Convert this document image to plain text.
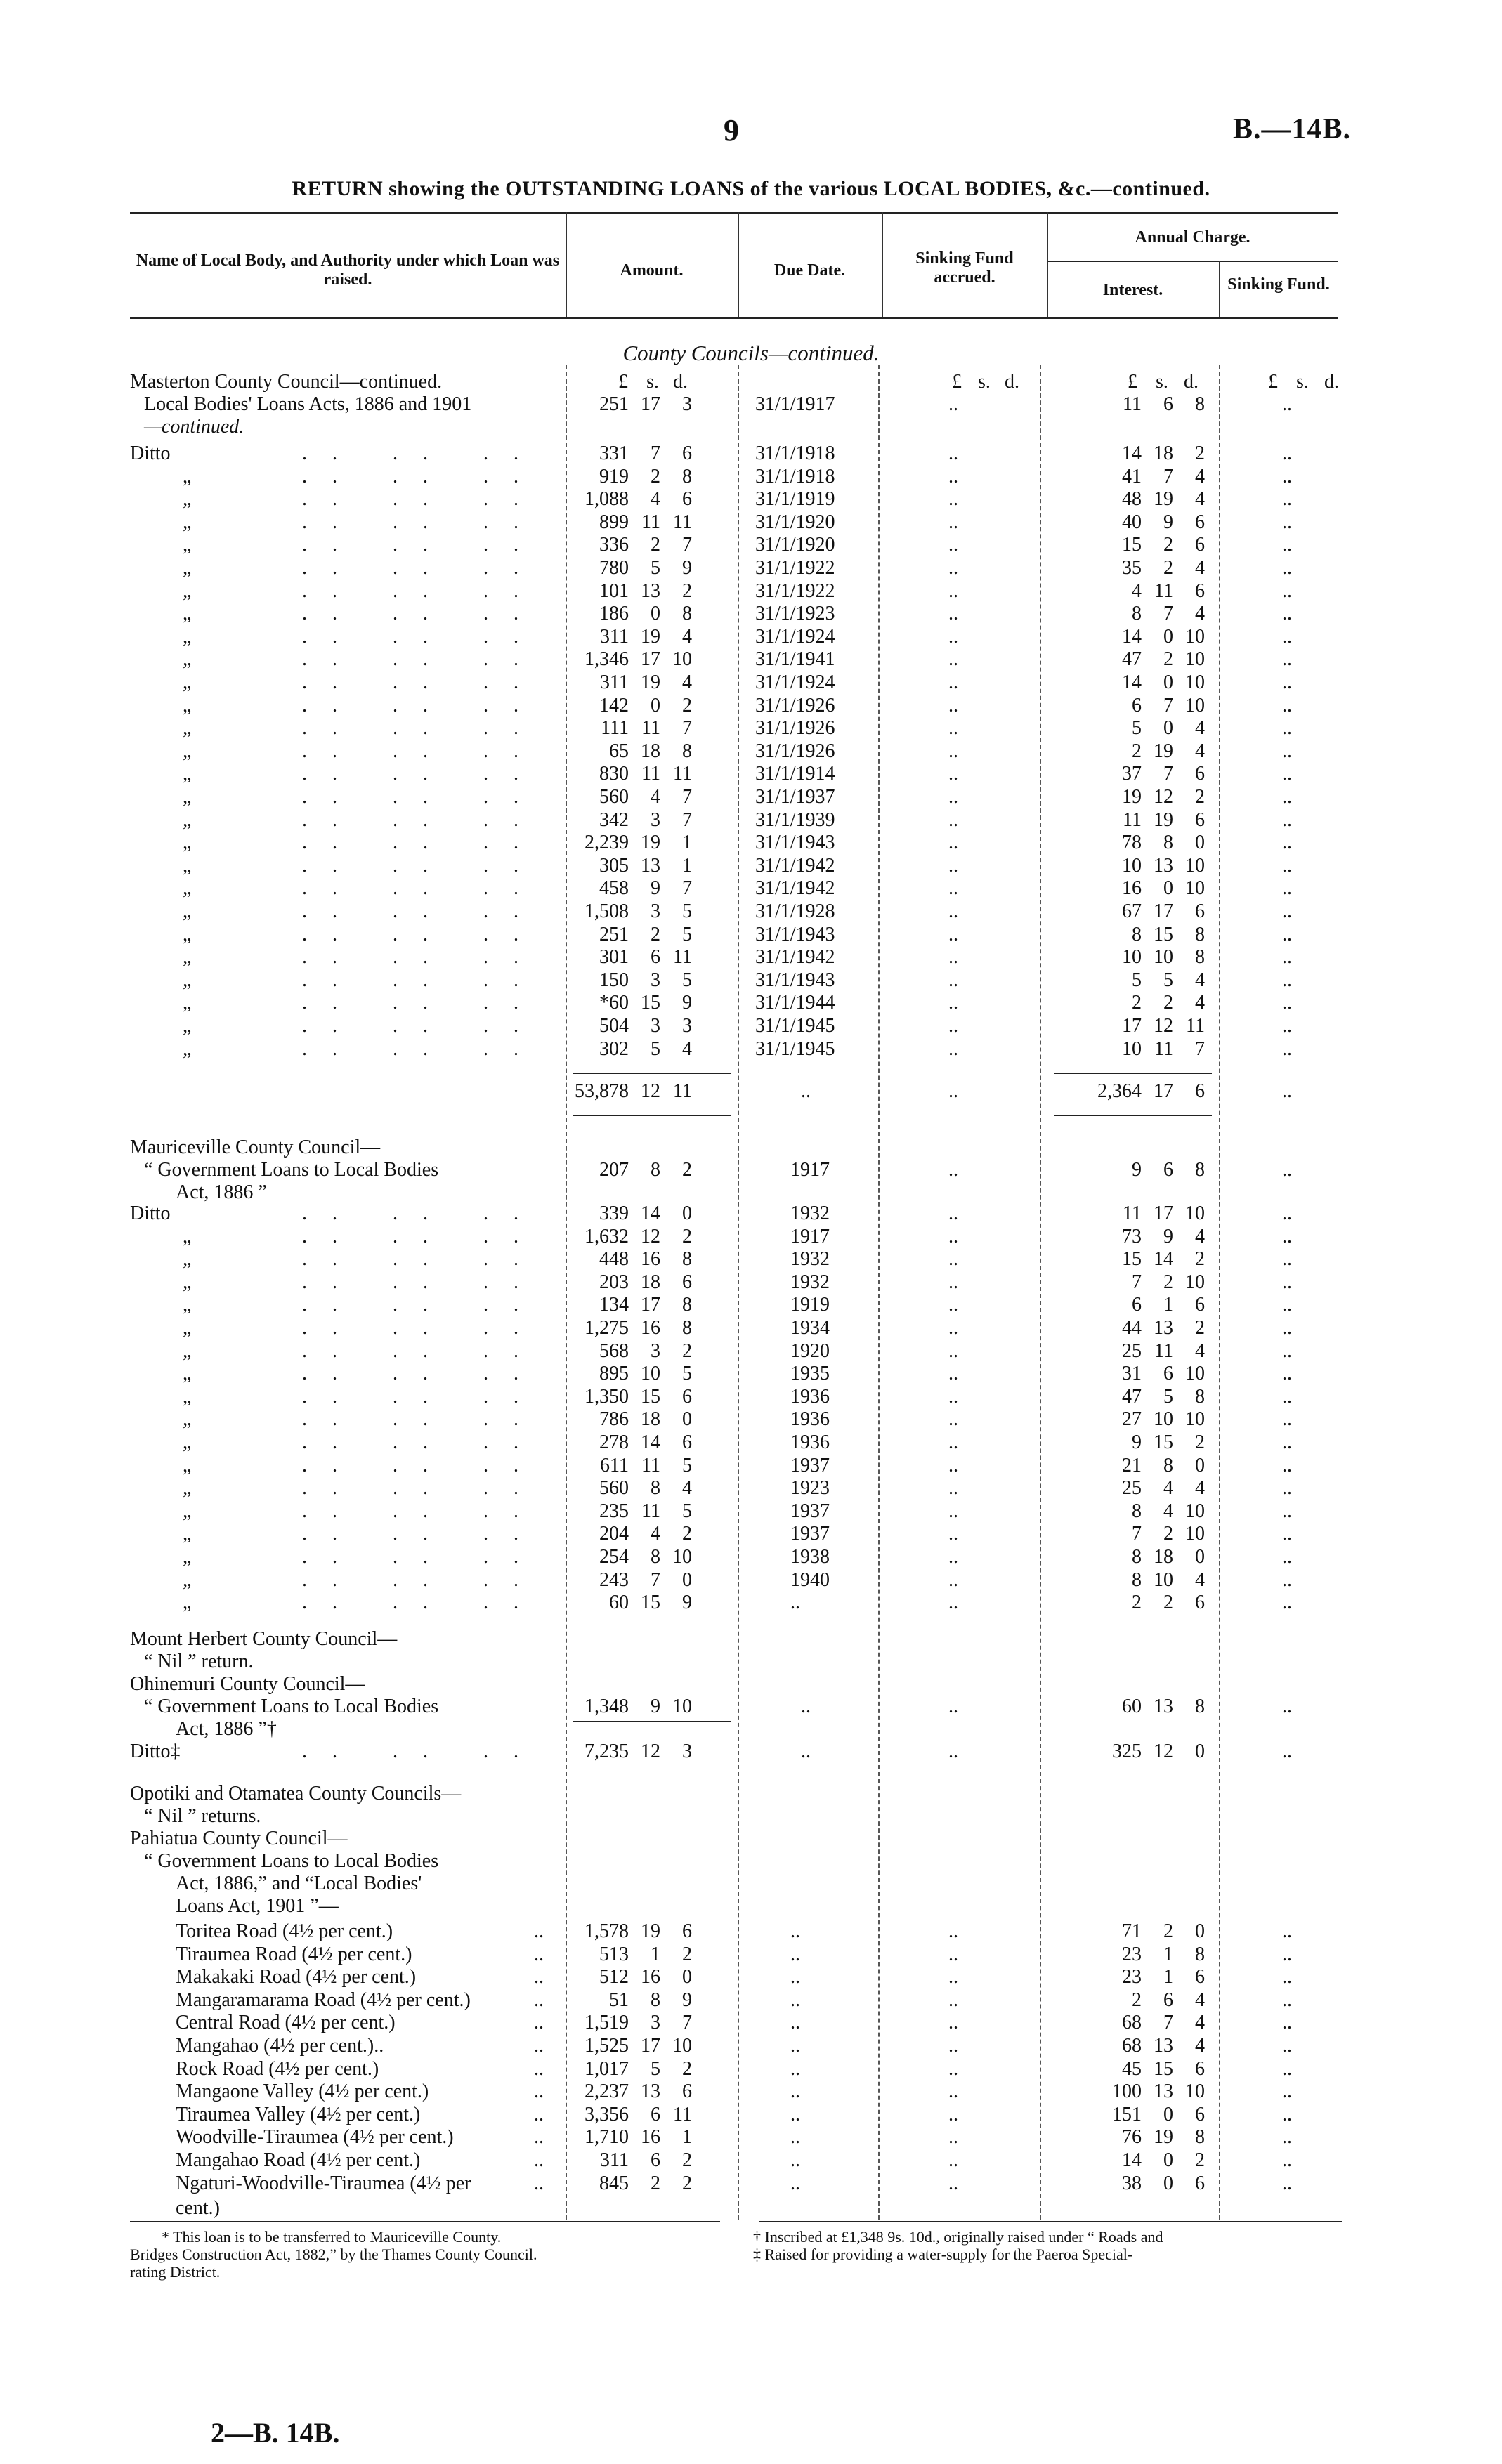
9	B.—14B.
RETURN showing the OUTSTANDING LOANS of the various LOCAL BODIES, &c.—continued.
Name of Local Body, and Authority under which Loan was raised.	Amount.	Due Date.
Sinking Fund accrued.
Annual Charge.
Interest.	Sinking Fund.
County Councils—continued.
£ s. d.	£ s. d.	£ s. d.	£ s. d.
Masterton County Council—continued.
Local Bodies' Loans Acts, 1886 and 1901
—continued.
251 17	3	31/1/1917	..	11	6	8	..
Ditto	.. .. ..	331	7	6	31/1/1918	..	14 18	2	..
„	.. .. ..	919	2	8	31/1/1918	..	41	7	4	..
„	.. .. ..	1,088	4	6	31/1/1919	..	48 19	4	..
„	.. .. ..	899 11 11	31/1/1920	..	40	9	6	..
„	.. .. ..	336	2	7	31/1/1920	..	15	2	6	..
„	.. .. ..	780	5	9	31/1/1922	..	35	2	4	..
„	.. .. ..	101 13	2	31/1/1922	..	4 11	6	..
„	.. .. ..	186	0	8	31/1/1923	..	8	7	4	..
„	.. .. ..	311 19	4	31/1/1924	..	14	0 10	..
„	.. .. ..	1,346 17 10	31/1/1941	..	47	2 10	..
„	.. .. ..	311 19	4	31/1/1924	..	14	0 10	..
„	.. .. ..	142	0	2	31/1/1926	..	6	7 10	..
„	.. .. ..	111 11	7	31/1/1926	..	5	0	4	..
„	.. .. ..	65 18	8	31/1/1926	..	2 19	4	..
„	.. .. ..	830 11 11	31/1/1914	..	37	7	6	..
„	.. .. ..	560	4	7	31/1/1937	..	19 12	2	..
„	.. .. ..	342	3	7	31/1/1939	..	11 19	6	..
„	.. .. ..	2,239 19	1	31/1/1943	..	78	8	0	..
„	.. .. ..	305 13	1	31/1/1942	..	10 13 10	..
„	.. .. ..	458	9	7	31/1/1942	..	16	0 10	..
„	.. .. ..	1,508	3	5	31/1/1928	..	67 17	6	..
„	.. .. ..	251	2	5	31/1/1943	..	8 15	8	..
„	.. .. ..	301	6 11	31/1/1942	..	10 10	8	..
„	.. .. ..	150	3	5	31/1/1943	..	5	5	4	..
„	.. .. ..	*60 15	9	31/1/1944	..	2	2	4	..
„	.. .. ..	504	3	3	31/1/1945	..	17 12 11	..
„	.. .. ..	302	5	4	31/1/1945	..	10 11	7	..
53,878 12 11	..	..	2,364 17	6	..
Mauriceville County Council—
“ Government Loans to Local Bodies
Act, 1886 ”
207	8	2	1917	..	9	6	8	..
Ditto	.. .. ..	339 14	0	1932	..	11 17 10	..
„	.. .. ..	1,632 12	2	1917	..	73	9	4	..
„	.. .. ..	448 16	8	1932	..	15 14	2	..
„	.. .. ..	203 18	6	1932	..	7	2 10	..
„	.. .. ..	134 17	8	1919	..	6	1	6	..
„	.. .. ..	1,275 16	8	1934	..	44 13	2	..
„	.. .. ..	568	3	2	1920	..	25 11	4	..
„	.. .. ..	895 10	5	1935	..	31	6 10	..
„	.. .. ..	1,350 15	6	1936	..	47	5	8	..
„	.. .. ..	786 18	0	1936	..	27 10 10	..
„	.. .. ..	278 14	6	1936	..	9 15	2	..
„	.. .. ..	611 11	5	1937	..	21	8	0	..
„	.. .. ..	560	8	4	1923	..	25	4	4	..
„	.. .. ..	235 11	5	1937	..	8	4 10	..
„	.. .. ..	204	4	2	1937	..	7	2 10	..
„	.. .. ..	254	8 10	1938	..	8 18	0	..
„	.. .. ..	243	7	0	1940	..	8 10	4	..
„	.. .. ..	60 15	9	..	..	2	2	6	..
Mount Herbert County Council—
“ Nil ” return.
Ohinemuri County Council—
“ Government Loans to Local Bodies
Act, 1886 ”†
1,348	9 10	..	..	60 13	8	..
Ditto‡	.. .. ..	7,235 12	3	..	..	325 12	0	..
Opotiki and Otamatea County Councils—
“ Nil ” returns.
Pahiatua County Council—
“ Government Loans to Local Bodies
Act, 1886,” and “Local Bodies'
Loans Act, 1901 ”—
Toritea Road (4½ per cent.)	..	1,578 19	6	..	..	71	2	0	..
Tiraumea Road (4½ per cent.)	..	513	1	2	..	..	23	1	8	..
Makakaki Road (4½ per cent.)	..	512 16	0	..	..	23	1	6	..
Mangaramarama Road (4½ per cent.)	..	51	8	9	..	..	2	6	4	..
Central Road (4½ per cent.)	..	1,519	3	7	..	..	68	7	4	..
Mangahao (4½ per cent.)..	..	1,525 17 10	..	..	68 13	4	..
Rock Road (4½ per cent.)	..	1,017	5	2	..	..	45 15	6	..
Mangaone Valley (4½ per cent.)	..	2,237 13	6	..	..	100 13 10	..
Tiraumea Valley (4½ per cent.)	..	3,356	6 11	..	..	151	0	6	..
Woodville-Tiraumea (4½ per cent.)	..	1,710 16	1	..	..	76 19	8	..
Mangahao Road (4½ per cent.)	..	311	6	2	..	..	14	0	2	..
Ngaturi-Woodville-Tiraumea (4½ per	..	845	2	2	..	..	38	0	6	..
cent.)
* This loan is to be transferred to Mauriceville County.
Bridges Construction Act, 1882,” by the Thames County Council.
rating District.
† Inscribed at £1,348 9s. 10d., originally raised under “ Roads and
‡ Raised for providing a water-supply for the Paeroa Special-
2—B. 14B.
